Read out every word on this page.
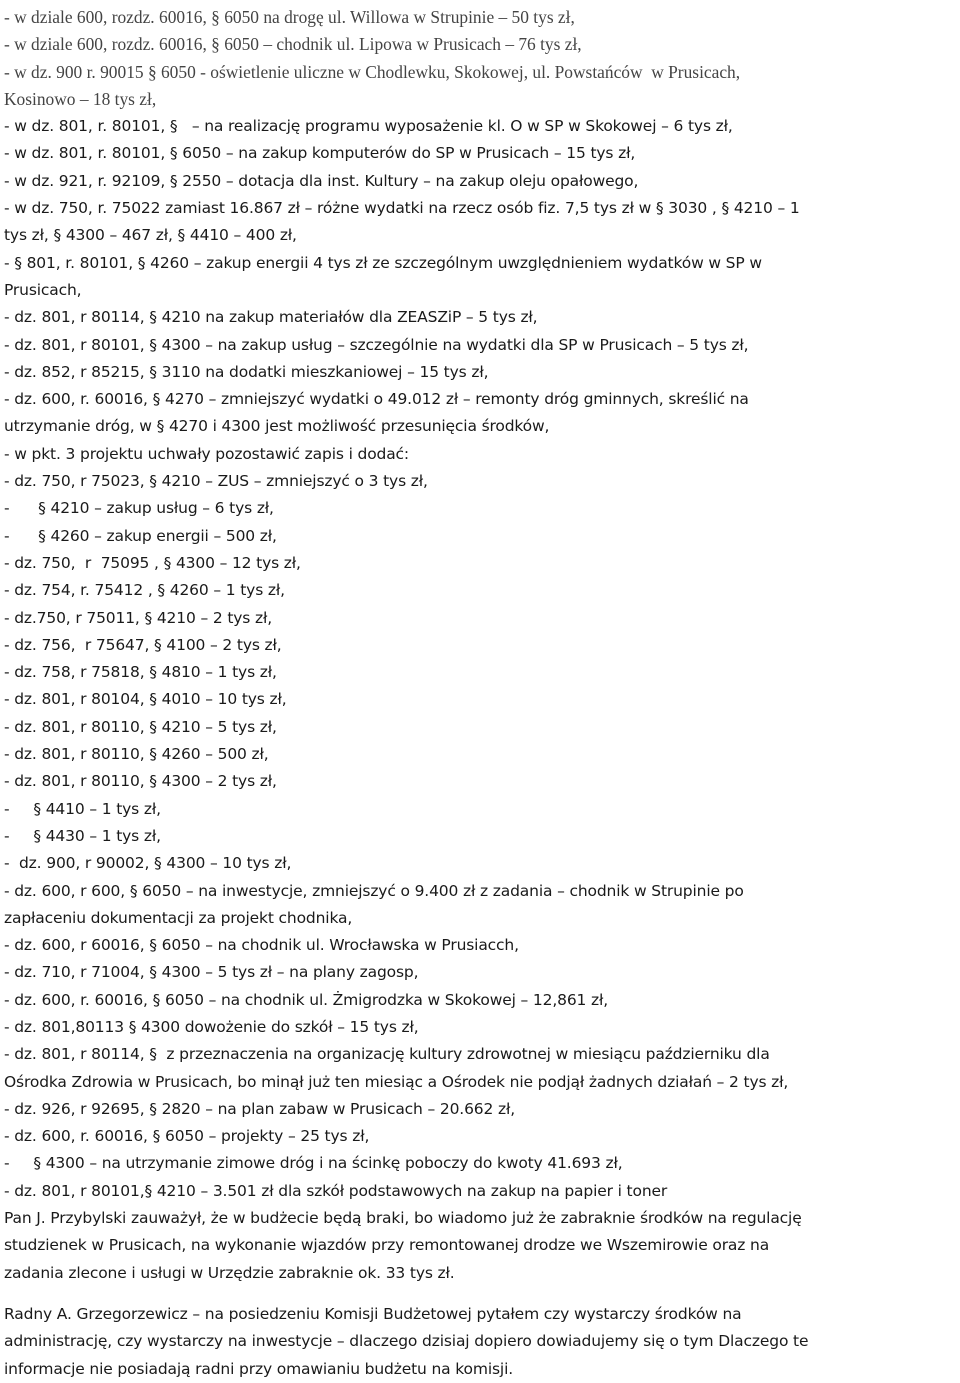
- w dziale 600, rozdz. 60016, § 6050 na drogę ul. Willowa w Strupinie – 50 tys zł,
- w dziale 600, rozdz. 60016, § 6050 – chodnik ul. Lipowa w Prusicach – 76 tys zł,
- w dz. 900 r. 90015 § 6050 - oświetlenie uliczne w Chodlewku, Skokowej, ul. Powstańców  w Prusicach,
Kosinowo – 18 tys zł,
- w dz. 801, r. 80101, §   – na realizację programu wyposażenie kl. O w SP w Skokowej – 6 tys zł,
- w dz. 801, r. 80101, § 6050 – na zakup komputerów do SP w Prusicach – 15 tys zł,
- w dz. 921, r. 92109, § 2550 – dotacja dla inst. Kultury – na zakup oleju opałowego,
- w dz. 750, r. 75022 zamiast 16.867 zł – różne wydatki na rzecz osób fiz. 7,5 tys zł w § 3030 , § 4210 – 1
tys zł, § 4300 – 467 zł, § 4410 – 400 zł,
- § 801, r. 80101, § 4260 – zakup energii 4 tys zł ze szczególnym uwzględnieniem wydatków w SP w
Prusicach,
- dz. 801, r 80114, § 4210 na zakup materiałów dla ZEASZiP – 5 tys zł,
- dz. 801, r 80101, § 4300 – na zakup usług – szczególnie na wydatki dla SP w Prusicach – 5 tys zł,
- dz. 852, r 85215, § 3110 na dodatki mieszkaniowej – 15 tys zł,
- dz. 600, r. 60016, § 4270 – zmniejszyć wydatki o 49.012 zł – remonty dróg gminnych, skreślić na
utrzymanie dróg, w § 4270 i 4300 jest możliwość przesunięcia środków,
- w pkt. 3 projektu uchwały pozostawić zapis i dodać:
- dz. 750, r 75023, § 4210 – ZUS – zmniejszyć o 3 tys zł,
-      § 4210 – zakup usług – 6 tys zł,
-      § 4260 – zakup energii – 500 zł,
- dz. 750,  r  75095 , § 4300 – 12 tys zł,
- dz. 754, r. 75412 , § 4260 – 1 tys zł,
- dz.750, r 75011, § 4210 – 2 tys zł,
- dz. 756,  r 75647, § 4100 – 2 tys zł,
- dz. 758, r 75818, § 4810 – 1 tys zł,
- dz. 801, r 80104, § 4010 – 10 tys zł,
- dz. 801, r 80110, § 4210 – 5 tys zł,
- dz. 801, r 80110, § 4260 – 500 zł,
- dz. 801, r 80110, § 4300 – 2 tys zł,
-     § 4410 – 1 tys zł,
-     § 4430 – 1 tys zł,
-  dz. 900, r 90002, § 4300 – 10 tys zł,
- dz. 600, r 600, § 6050 – na inwestycje, zmniejszyć o 9.400 zł z zadania – chodnik w Strupinie po
zapłaceniu dokumentacji za projekt chodnika,
- dz. 600, r 60016, § 6050 – na chodnik ul. Wrocławska w Prusiacch,
- dz. 710, r 71004, § 4300 – 5 tys zł – na plany zagosp,
- dz. 600, r. 60016, § 6050 – na chodnik ul. Żmigrodzka w Skokowej – 12,861 zł,
- dz. 801,80113 § 4300 dowożenie do szkół – 15 tys zł,
- dz. 801, r 80114, §  z przeznaczenia na organizację kultury zdrowotnej w miesiącu październiku dla
Ośrodka Zdrowia w Prusicach, bo minął już ten miesiąc a Ośrodek nie podjął żadnych działań – 2 tys zł,
- dz. 926, r 92695, § 2820 – na plan zabaw w Prusicach – 20.662 zł,
- dz. 600, r. 60016, § 6050 – projekty – 25 tys zł,
-     § 4300 – na utrzymanie zimowe dróg i na ścinkę poboczy do kwoty 41.693 zł,
- dz. 801, r 80101,§ 4210 – 3.501 zł dla szkół podstawowych na zakup na papier i toner
Pan J. Przybylski zauważył, że w budżecie będą braki, bo wiadomo już że zabraknie środków na regulację
studzienek w Prusicach, na wykonanie wjazdów przy remontowanej drodze we Wszemirowie oraz na
zadania zlecone i usługi w Urzędzie zabraknie ok. 33 tys zł.
Radny A. Grzegorzewicz – na posiedzeniu Komisji Budżetowej pytałem czy wystarczy środków na
administrację, czy wystarczy na inwestycje – dlaczego dzisiaj dopiero dowiadujemy się o tym Dlaczego te
informacje nie posiadają radni przy omawianiu budżetu na komisji.
